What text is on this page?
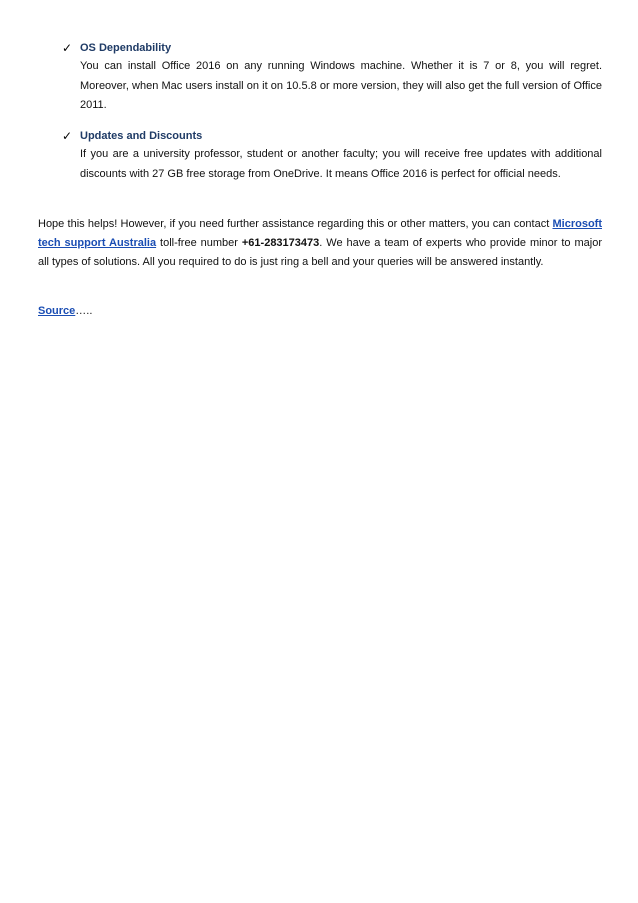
✓ OS Dependability
You can install Office 2016 on any running Windows machine. Whether it is 7 or 8, you will regret. Moreover, when Mac users install on it on 10.5.8 or more version, they will also get the full version of Office 2011.
✓ Updates and Discounts
If you are a university professor, student or another faculty; you will receive free updates with additional discounts with 27 GB free storage from OneDrive. It means Office 2016 is perfect for official needs.
Hope this helps! However, if you need further assistance regarding this or other matters, you can contact Microsoft tech support Australia toll-free number +61-283173473. We have a team of experts who provide minor to major all types of solutions. All you required to do is just ring a bell and your queries will be answered instantly.
Source…..
